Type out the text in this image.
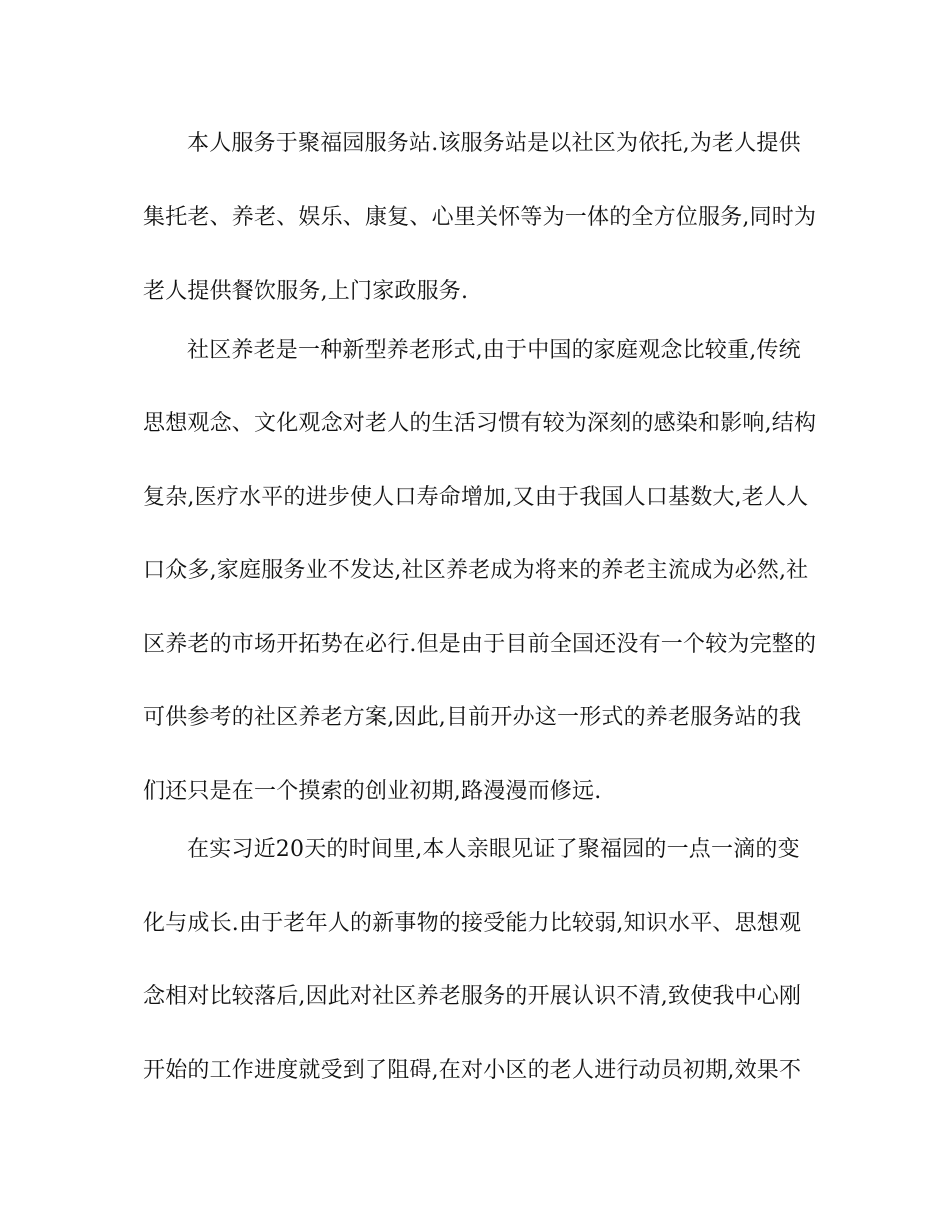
本人服务于聚福园服务站.该服务站是以社区为依托,为老人提供
集托老、养老、娱乐、康复、心里关怀等为一体的全方位服务,同时为
老人提供餐饮服务,上门家政服务.
社区养老是一种新型养老形式,由于中国的家庭观念比较重,传统
思想观念、文化观念对老人的生活习惯有较为深刻的感染和影响,结构
复杂,医疗水平的进步使人口寿命增加,又由于我国人口基数大,老人人
口众多,家庭服务业不发达,社区养老成为将来的养老主流成为必然,社
区养老的市场开拓势在必行.但是由于目前全国还没有一个较为完整的
可供参考的社区养老方案,因此,目前开办这一形式的养老服务站的我
们还只是在一个摸索的创业初期,路漫漫而修远.
在实习近20天的时间里,本人亲眼见证了聚福园的一点一滴的变
化与成长.由于老年人的新事物的接受能力比较弱,知识水平、思想观
念相对比较落后,因此对社区养老服务的开展认识不清,致使我中心刚
开始的工作进度就受到了阻碍,在对小区的老人进行动员初期,效果不
